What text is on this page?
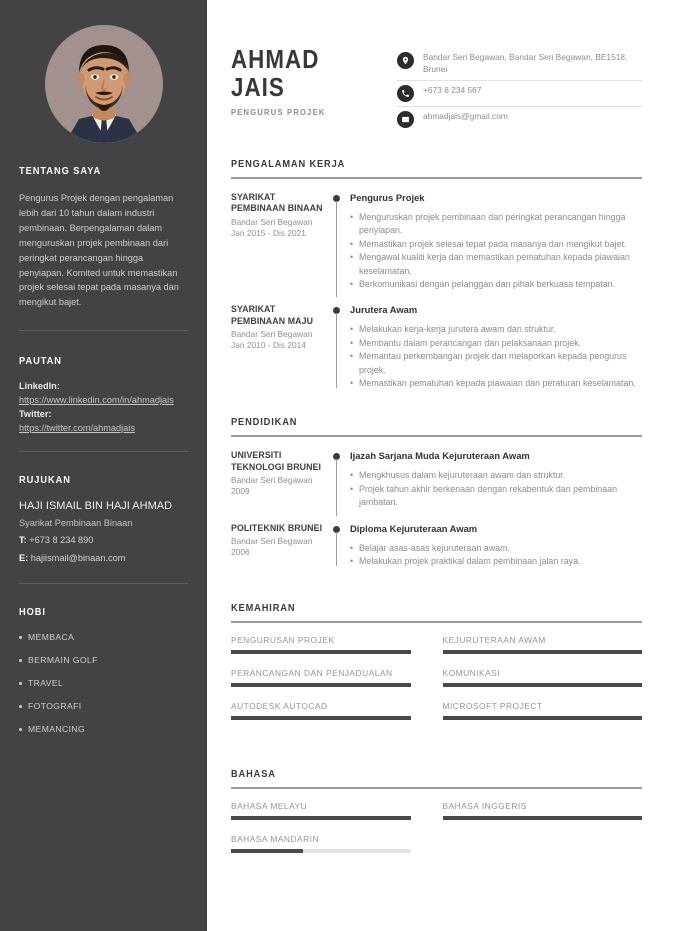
TENTANG SAYA

Pengurus Projek dengan pengalaman lebih dari 10 tahun dalam industri pembinaan. Berpengalaman dalam menguruskan projek pembinaan dari peringkat perancangan hingga penyiapan. Komited untuk memastikan projek selesai tepat pada masanya dan mengikut bajet.

PAUTAN
LinkedIn:
https://www.linkedin.com/in/ahmadjais
Twitter:
https://twitter.com/ahmadjais
RUJUKAN
HAJI ISMAIL BIN HAJI AHMAD
Syarikat Pembinaan Binaan
T: +673 8 234 890
E: hajiismail@binaan.com
HOBI
MEMBACA
BERMAIN GOLF
TRAVEL
FOTOGRAFI
MEMANCING
AHMAD
JAIS
PENGURUS PROJEK
Bandar Seri Begawan, Bandar Seri Begawan, BE1518, Brunei
+673 8 234 567
ahmadjais@gmail.com
PENGALAMAN KERJA
SYARIKAT PEMBINAAN BINAAN
Bandar Seri Begawan
Jan 2015 - Dis 2021
Pengurus Projek
• Menguruskan projek pembinaan dari peringkat perancangan hingga penyiapan.
• Memastikan projek selesai tepat pada masanya dan mengikut bajet.
• Mengawal kualiti kerja dan memastikan pematuhan kepada piawaian keselamatan.
• Berkomunikasi dengan pelanggan dan pihak berkuasa tempatan.
SYARIKAT PEMBINAAN MAJU
Bandar Seri Begawan
Jan 2010 - Dis 2014
Jurutera Awam
• Melakukan kerja-kerja jurutera awam dan struktur.
• Membantu dalam perancangan dan pelaksanaan projek.
• Memantau perkembangan projek dan melaporkan kepada pengurus projek.
• Memastikan pematuhan kepada piawaian dan peraturan keselamatan.
PENDIDIKAN
UNIVERSITI TEKNOLOGI BRUNEI
Bandar Seri Begawan
2009
Ijazah Sarjana Muda Kejuruteraan Awam
• Mengkhusus dalam kejuruteraan awam dan struktur.
• Projek tahun akhir berkenaan dengan rekabentuk dan pembinaan jambatan.
POLITEKNIK BRUNEI
Bandar Seri Begawan
2006
Diploma Kejuruteraan Awam
• Belajar asas-asas kejuruteraan awam.
• Melakukan projek praktikal dalam pembinaan jalan raya.
KEMAHIRAN
PENGURUSAN PROJEK	KEJURUTERAAN AWAM
PERANCANGAN DAN PENJADUALAN	KOMUNIKASI
AUTODESK AUTOCAD	MICROSOFT PROJECT
BAHASA
BAHASA MELAYU	BAHASA INGGERIS
BAHASA MANDARIN
